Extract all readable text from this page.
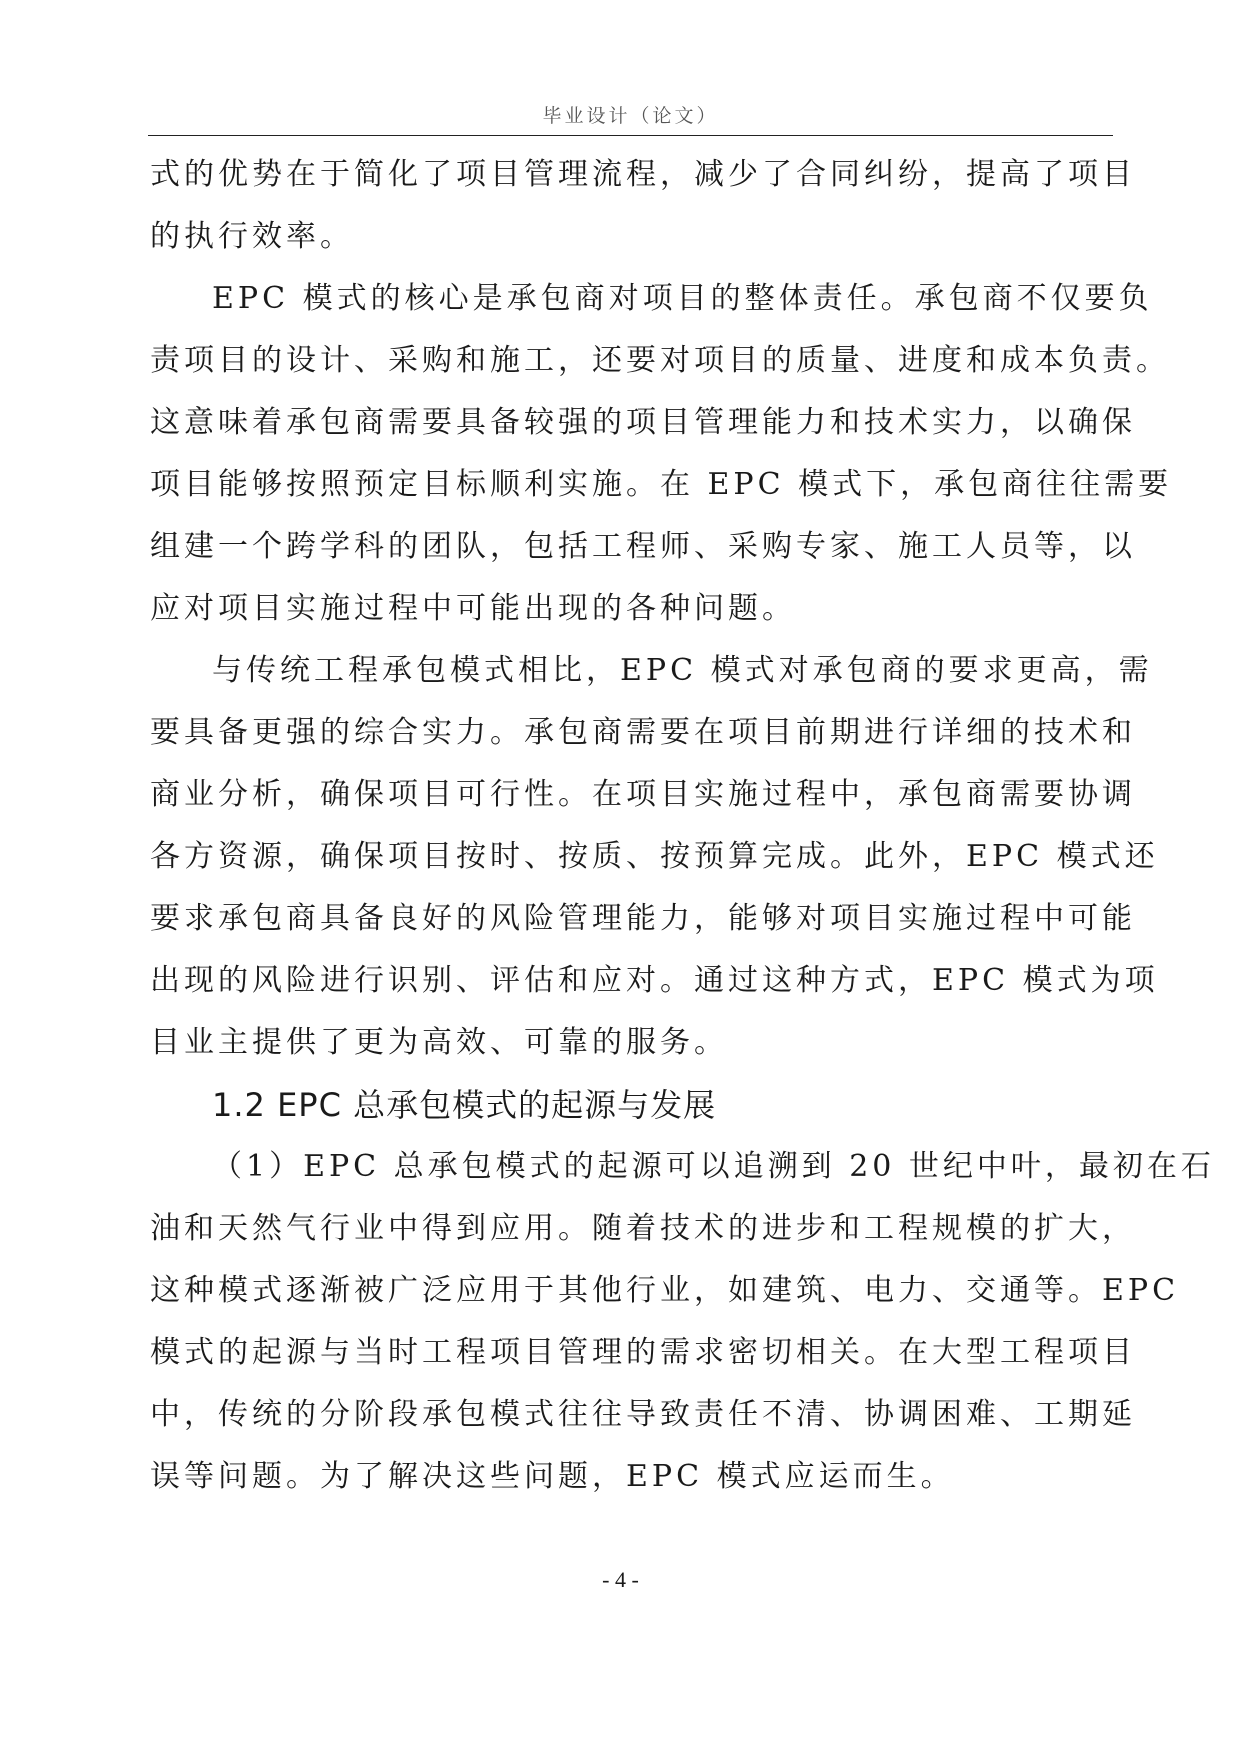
毕业设计（论文）
式的优势在于简化了项目管理流程，减少了合同纠纷，提高了项目
的执行效率。
EPC 模式的核心是承包商对项目的整体责任。承包商不仅要负
责项目的设计、采购和施工，还要对项目的质量、进度和成本负责。
这意味着承包商需要具备较强的项目管理能力和技术实力，以确保
项目能够按照预定目标顺利实施。在 EPC 模式下，承包商往往需要
组建一个跨学科的团队，包括工程师、采购专家、施工人员等，以
应对项目实施过程中可能出现的各种问题。
与传统工程承包模式相比，EPC 模式对承包商的要求更高，需
要具备更强的综合实力。承包商需要在项目前期进行详细的技术和
商业分析，确保项目可行性。在项目实施过程中，承包商需要协调
各方资源，确保项目按时、按质、按预算完成。此外，EPC 模式还
要求承包商具备良好的风险管理能力，能够对项目实施过程中可能
出现的风险进行识别、评估和应对。通过这种方式，EPC 模式为项
目业主提供了更为高效、可靠的服务。
1.2 EPC 总承包模式的起源与发展
（1）EPC 总承包模式的起源可以追溯到 20 世纪中叶，最初在石
油和天然气行业中得到应用。随着技术的进步和工程规模的扩大，
这种模式逐渐被广泛应用于其他行业，如建筑、电力、交通等。EPC
模式的起源与当时工程项目管理的需求密切相关。在大型工程项目
中，传统的分阶段承包模式往往导致责任不清、协调困难、工期延
误等问题。为了解决这些问题，EPC 模式应运而生。
- 4 -
